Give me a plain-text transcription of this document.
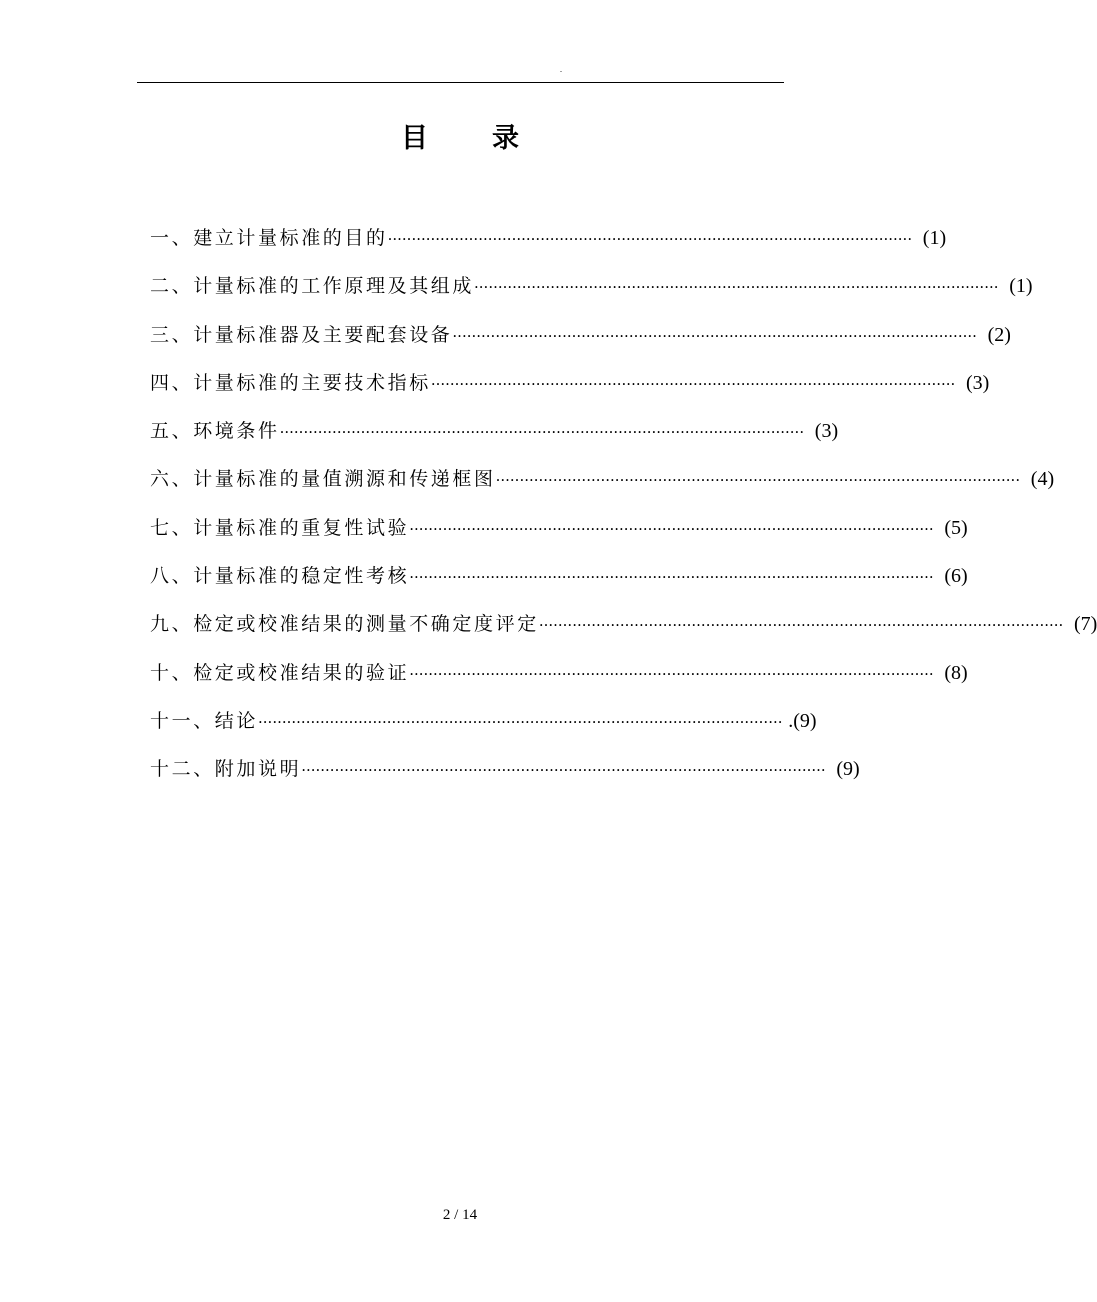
.
目录
一、建立计量标准的目的 ·············································································································· (1)
二、计量标准的工作原理及其组成 ·············································································································· (1)
三、计量标准器及主要配套设备 ·············································································································· (2)
四、计量标准的主要技术指标 ·············································································································· (3)
五、环境条件 ·············································································································· (3)
六、计量标准的量值溯源和传递框图 ·············································································································· (4)
七、计量标准的重复性试验 ·············································································································· (5)
八、计量标准的稳定性考核 ·············································································································· (6)
九、检定或校准结果的测量不确定度评定 ·············································································································· (7)
十、检定或校准结果的验证 ·············································································································· (8)
十一、结论 ·············································································································· .(9)
十二、附加说明 ·············································································································· (9)
2 / 14
